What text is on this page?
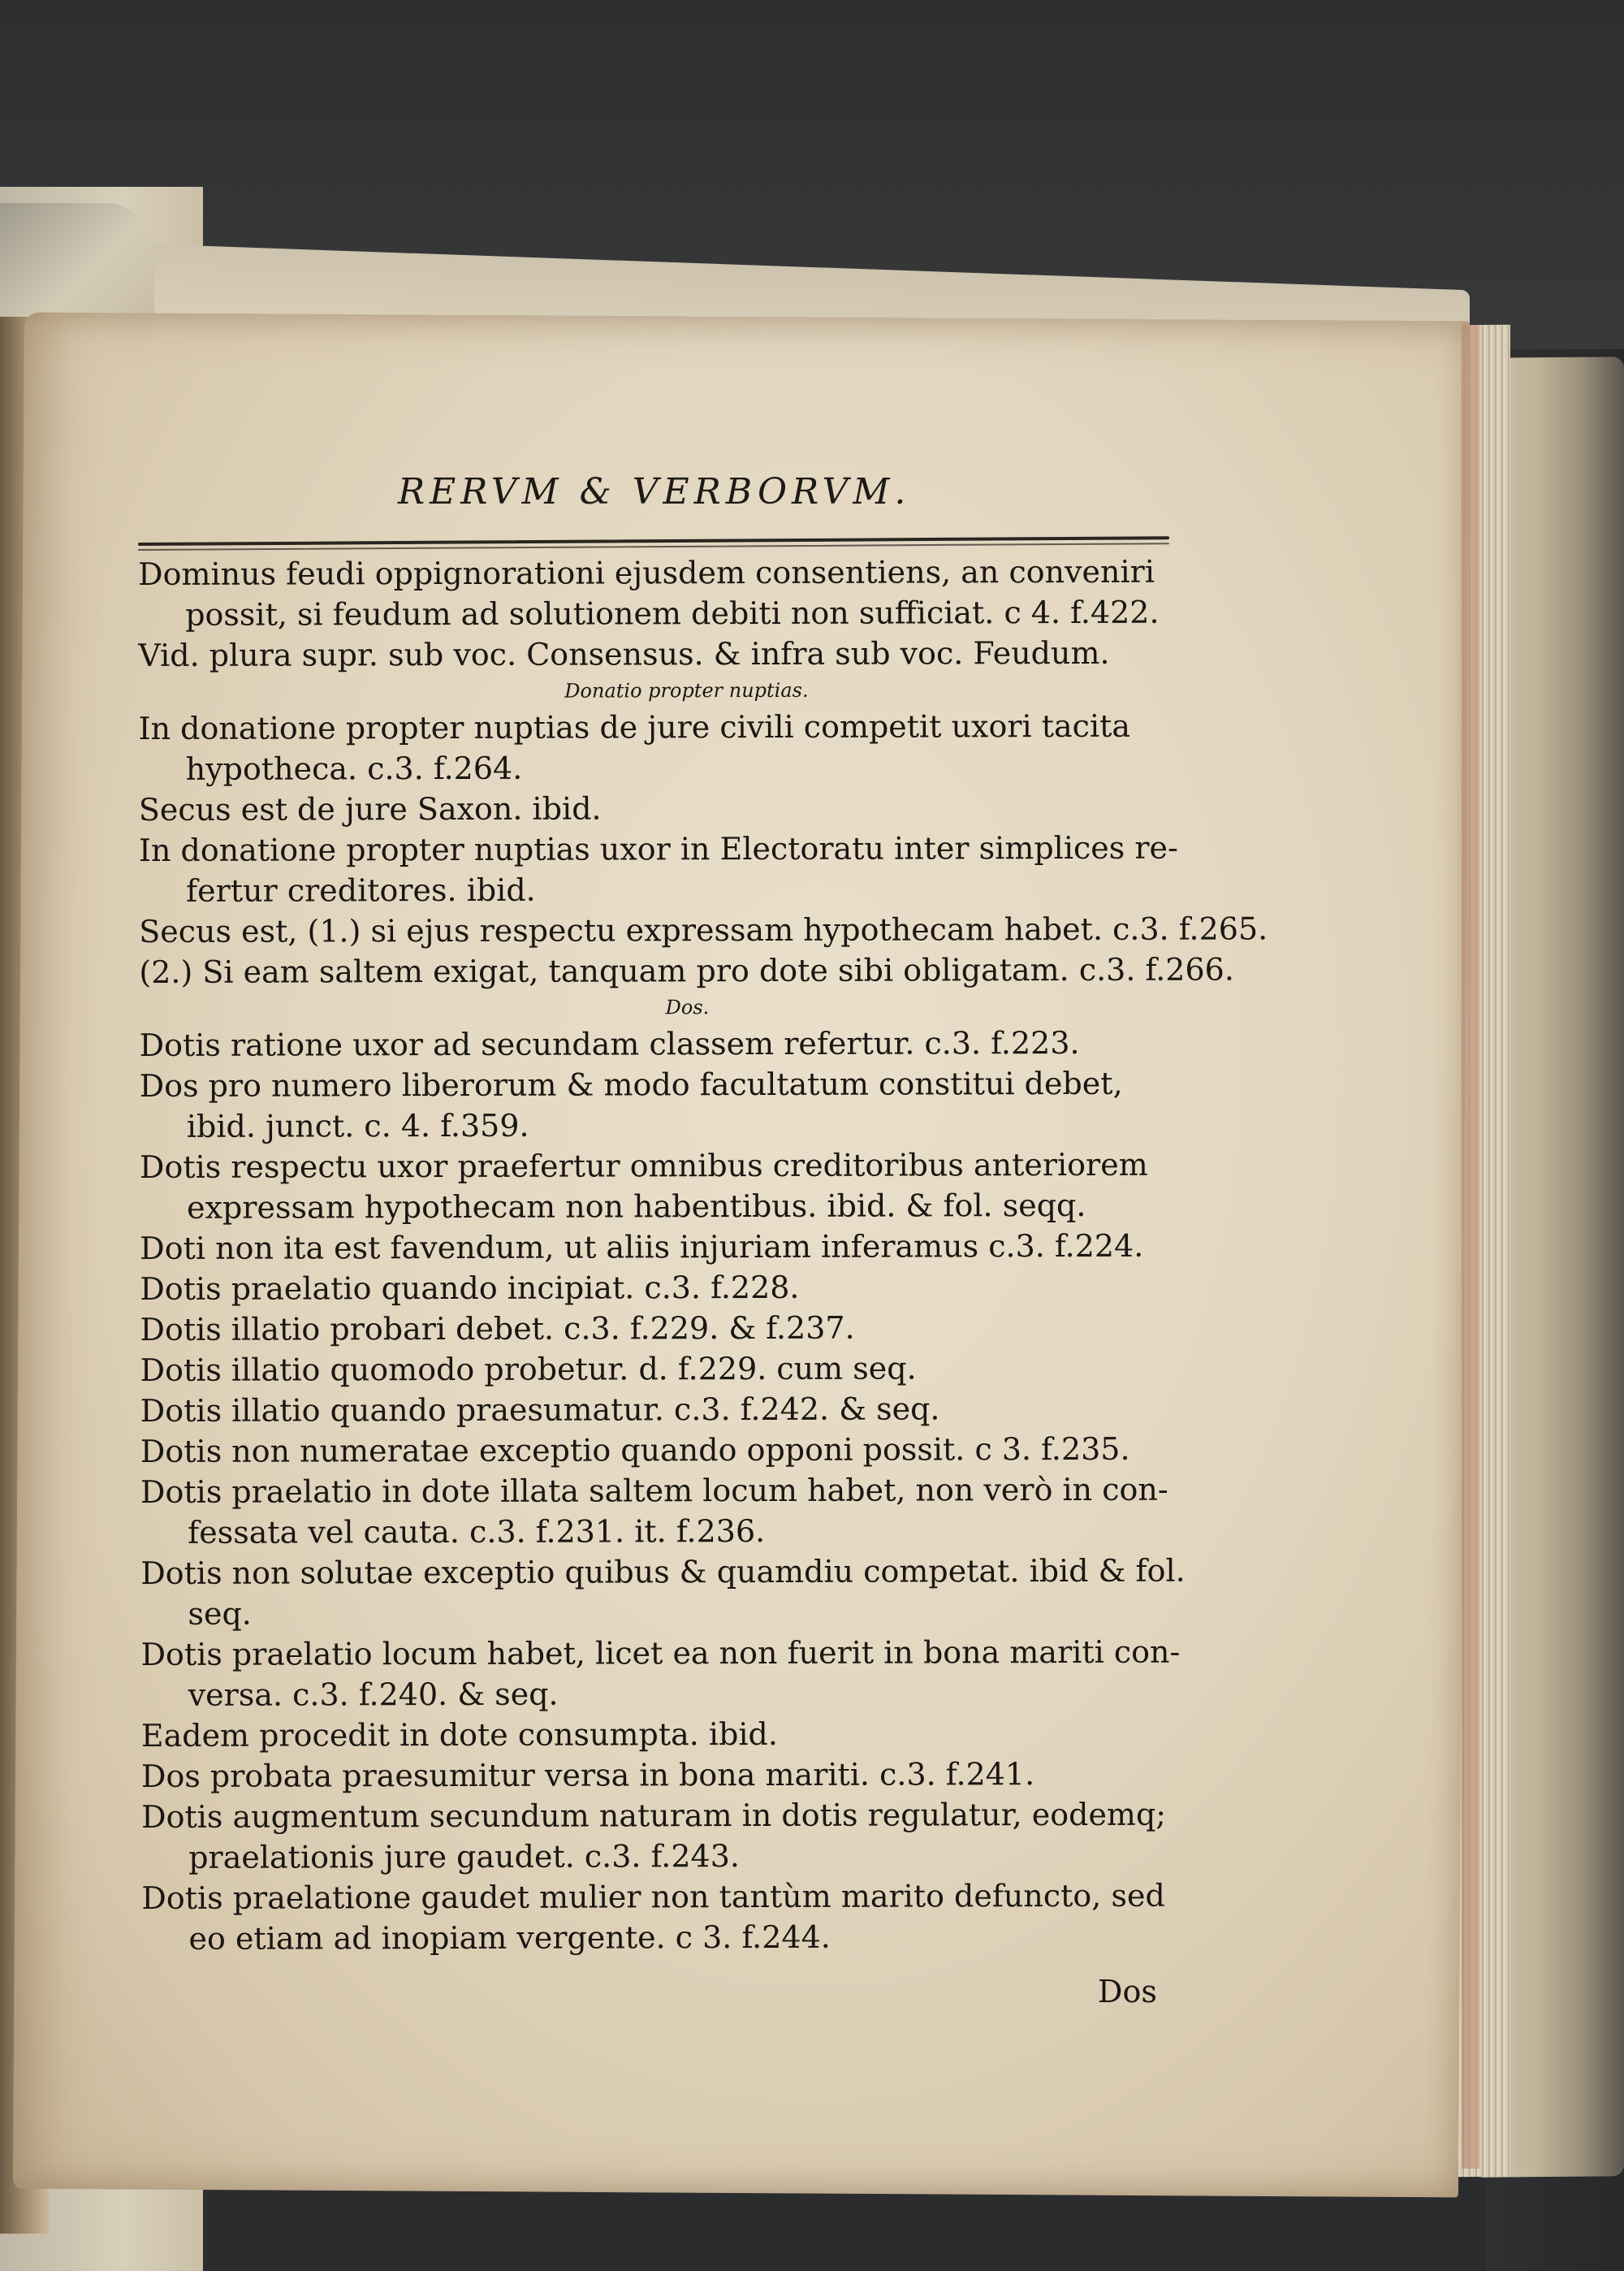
RERVM & VERBORVM.
Dominus feudi oppignorationi ejusdem consentiens, an conveniri
possit, si feudum ad solutionem debiti non sufficiat. c 4. f.422.
Vid. plura supr. sub voc. Consensus. & infra sub voc. Feudum.
Donatio propter nuptias.
In donatione propter nuptias de jure civili competit uxori tacita
hypotheca. c.3. f.264.
Secus est de jure Saxon. ibid.
In donatione propter nuptias uxor in Electoratu inter simplices re-
fertur creditores. ibid.
Secus est, (1.) si ejus respectu expressam hypothecam habet. c.3. f.265.
(2.) Si eam saltem exigat, tanquam pro dote sibi obligatam. c.3. f.266.
Dos.
Dotis ratione uxor ad secundam classem refertur. c.3. f.223.
Dos pro numero liberorum & modo facultatum constitui debet,
ibid. junct. c. 4. f.359.
Dotis respectu uxor praefertur omnibus creditoribus anteriorem
expressam hypothecam non habentibus. ibid. & fol. seqq.
Doti non ita est favendum, ut aliis injuriam inferamus c.3. f.224.
Dotis praelatio quando incipiat. c.3. f.228.
Dotis illatio probari debet. c.3. f.229. & f.237.
Dotis illatio quomodo probetur. d. f.229. cum seq.
Dotis illatio quando praesumatur. c.3. f.242. & seq.
Dotis non numeratae exceptio quando opponi possit. c 3. f.235.
Dotis praelatio in dote illata saltem locum habet, non verò in con-
fessata vel cauta. c.3. f.231. it. f.236.
Dotis non solutae exceptio quibus & quamdiu competat. ibid & fol.
seq.
Dotis praelatio locum habet, licet ea non fuerit in bona mariti con-
versa. c.3. f.240. & seq.
Eadem procedit in dote consumpta. ibid.
Dos probata praesumitur versa in bona mariti. c.3. f.241.
Dotis augmentum secundum naturam in dotis regulatur, eodemq;
praelationis jure gaudet. c.3. f.243.
Dotis praelatione gaudet mulier non tantùm marito defuncto, sed
eo etiam ad inopiam vergente. c 3. f.244.
Dos
